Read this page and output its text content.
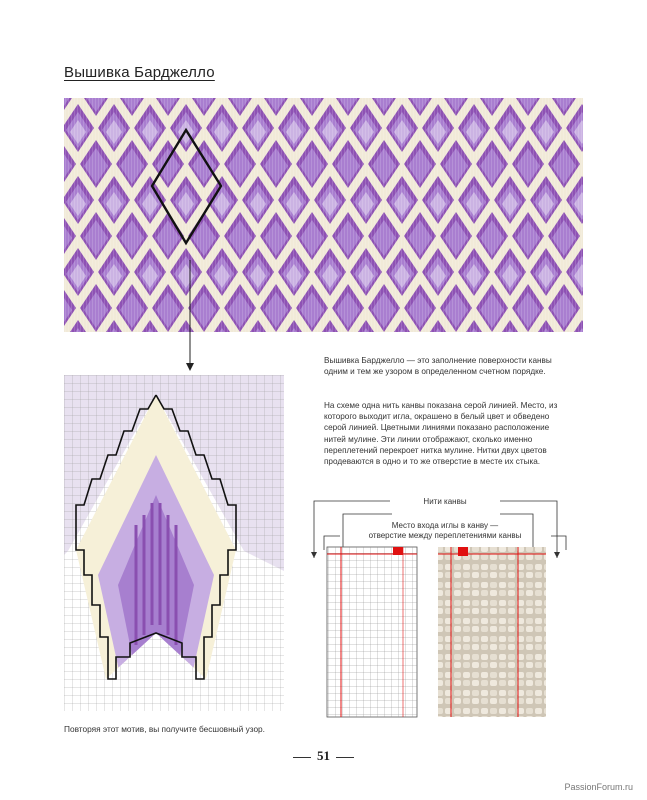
Вышивка Барджелло
Вышивка Барджелло — это заполнение поверхности канвы одним и тем же узором в определенном счетном порядке.
На схеме одна нить канвы показана серой линией. Место, из которого выходит игла, окрашено в белый цвет и обведено серой линией. Цветными линиями показано расположение нитей мулине. Эти линии отображают, сколько именно переплетений перекроет нитка мулине. Нитки двух цветов продеваются в одно и то же отверстие в месте их стыка.
Нити канвы
Место входа иглы в канву —
отверстие между переплетениями канвы
Повторяя этот мотив, вы получите бесшовный узор.
51
PassionForum.ru
